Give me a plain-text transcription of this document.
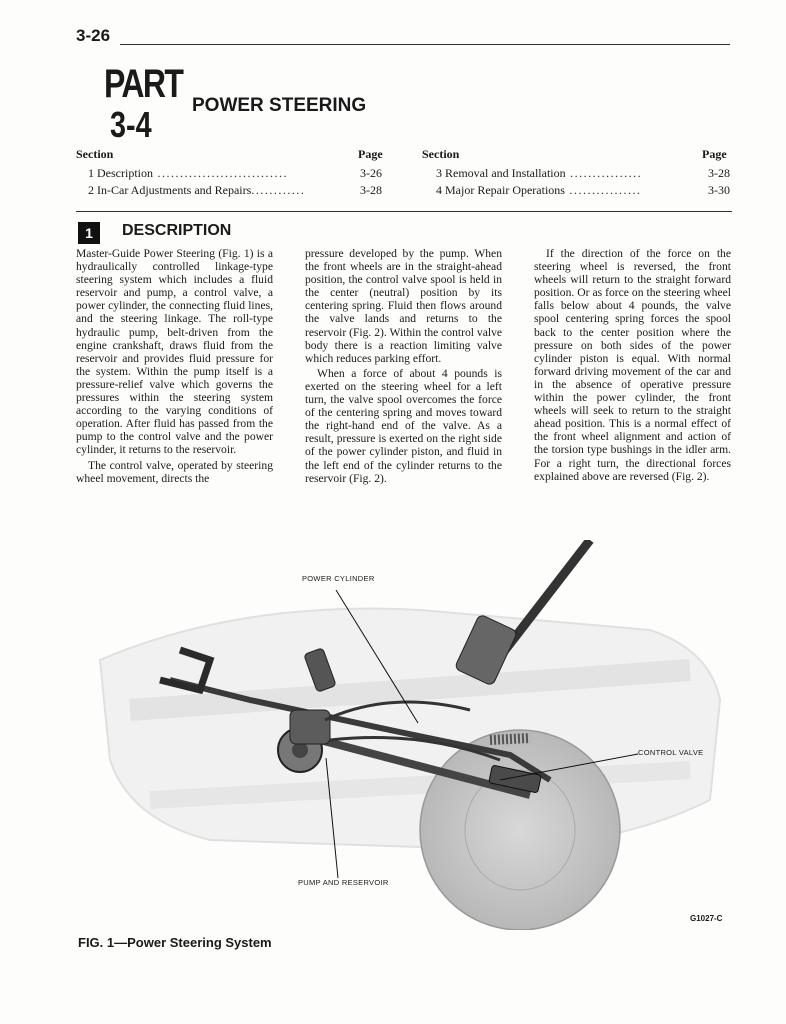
3-26
PART
3-4 POWER STEERING
Section	Page	Section	Page
1 Description .............................	3-26
2 In-Car Adjustments and Repairs............	3-28
3 Removal and Installation ................	3-28
4 Major Repair Operations ................	3-30
1	DESCRIPTION

Master-Guide Power Steering (Fig. 1) is a hydraulically controlled linkage-type steering system which includes a fluid reservoir and pump, a control valve, a power cylinder, the connecting fluid lines, and the steering linkage. The roll-type hydraulic pump, belt-driven from the engine crankshaft, draws fluid from the reservoir and provides fluid pressure for the system. Within the pump itself is a pressure-relief valve which governs the pressures within the steering system according to the varying conditions of operation. After fluid has passed from the pump to the control valve and the power cylinder, it returns to the reservoir.

The control valve, operated by steering wheel movement, directs the

pressure developed by the pump. When the front wheels are in the straight-ahead position, the control valve spool is held in the center (neutral) position by its centering spring. Fluid then flows around the valve lands and returns to the reservoir (Fig. 2). Within the control valve body there is a reaction limiting valve which reduces parking effort.

When a force of about 4 pounds is exerted on the steering wheel for a left turn, the valve spool overcomes the force of the centering spring and moves toward the right-hand end of the valve. As a result, pressure is exerted on the right side of the power cylinder piston, and fluid in the left end of the cylinder returns to the reservoir (Fig. 2).

If the direction of the force on the steering wheel is reversed, the front wheels will return to the straight forward position. Or as force on the steering wheel falls below about 4 pounds, the valve spool centering spring forces the spool back to the center position where the pressure on both sides of the power cylinder piston is equal. With normal forward driving movement of the car and in the absence of operative pressure within the power cylinder, the front wheels will seek to return to the straight ahead position. This is a normal effect of the front wheel alignment and action of the torsion type bushings in the idler arm. For a right turn, the directional forces explained above are reversed (Fig. 2).

POWER CYLINDER
CONTROL VALVE
PUMP AND RESERVOIR
G1027-C
FIG. 1—Power Steering System
